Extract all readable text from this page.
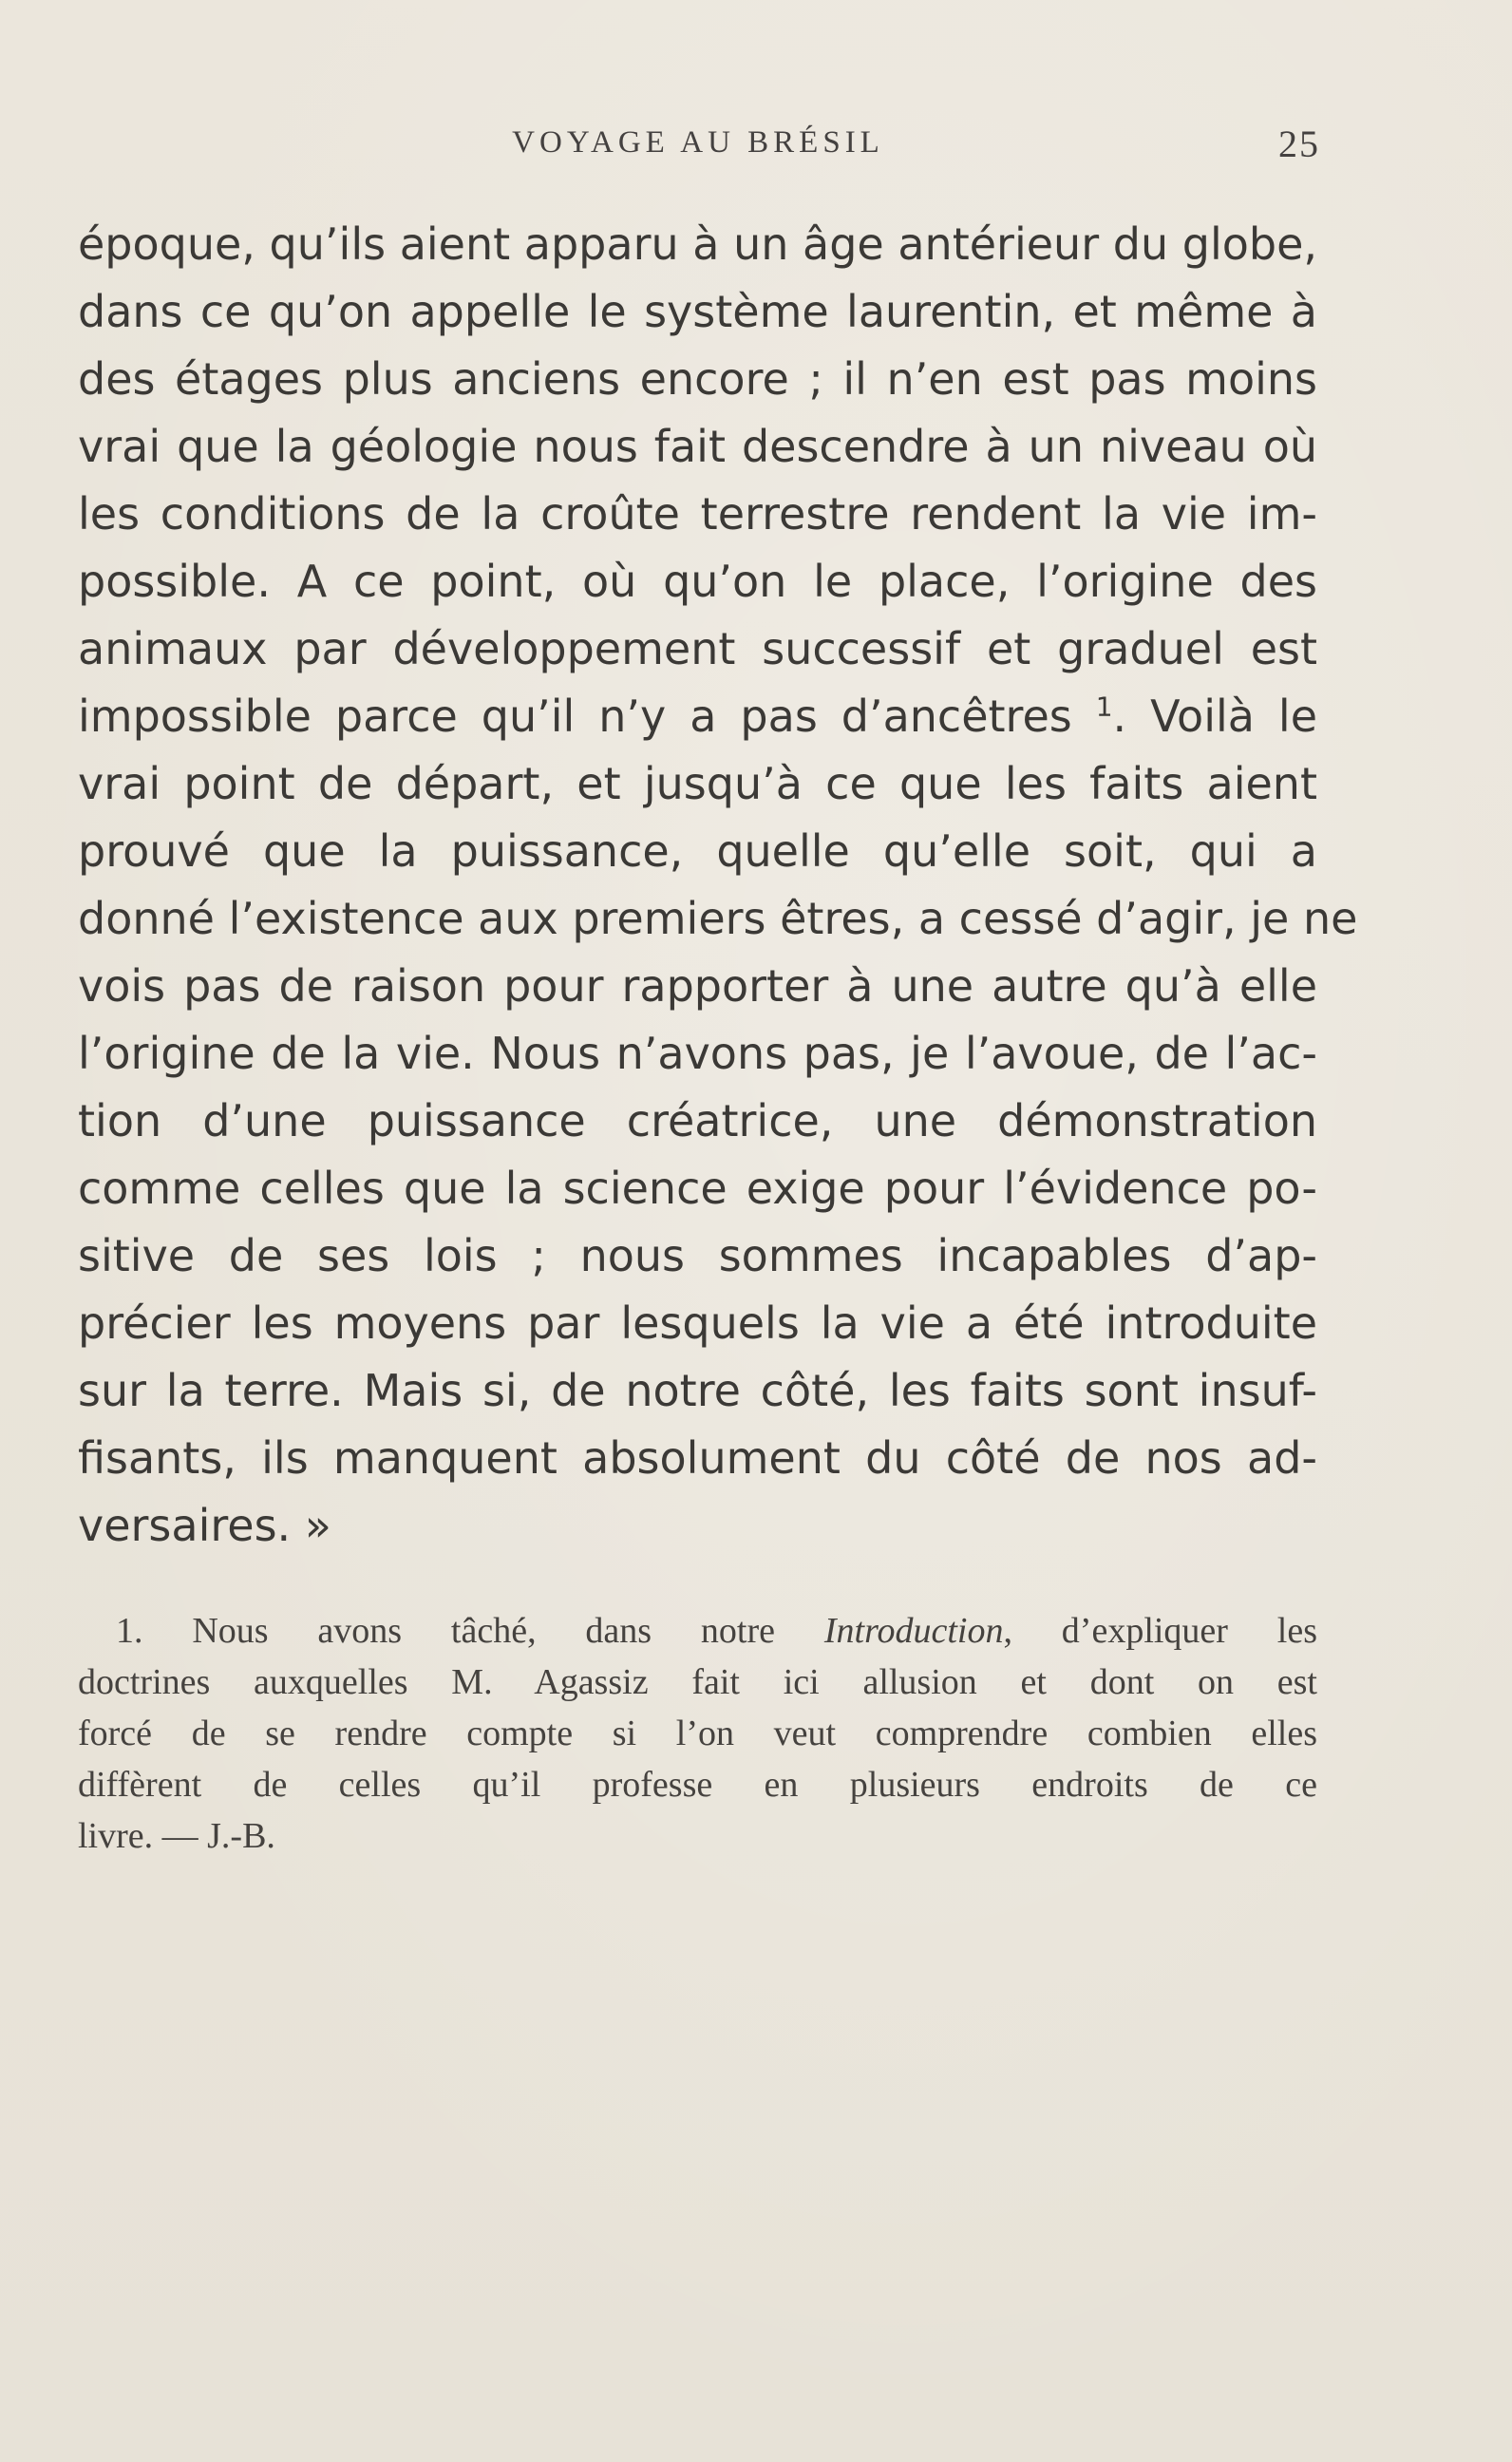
VOYAGE AU BRÉSIL	25
époque, qu’ils aient apparu à un âge antérieur du globe,
dans ce qu’on appelle le système laurentin, et même à
des étages plus anciens encore ; il n’en est pas moins
vrai que la géologie nous fait descendre à un niveau où
les conditions de la croûte terrestre rendent la vie im-
possible. A ce point, où qu’on le place, l’origine des
animaux par développement successif et graduel est
impossible parce qu’il n’y a pas d’ancêtres $^1$. Voilà le
vrai point de départ, et jusqu’à ce que les faits aient
prouvé que la puissance, quelle qu’elle soit, qui a
donné l’existence aux premiers êtres, a cessé d’agir, je ne
vois pas de raison pour rapporter à une autre qu’à elle
l’origine de la vie. Nous n’avons pas, je l’avoue, de l’ac-
tion d’une puissance créatrice, une démonstration
comme celles que la science exige pour l’évidence po-
sitive de ses lois ; nous sommes incapables d’ap-
précier les moyens par lesquels la vie a été introduite
sur la terre. Mais si, de notre côté, les faits sont insuf-
fisants, ils manquent absolument du côté de nos ad-
versaires. »
1. Nous avons tâché, dans notre Introduction, d’expliquer les
doctrines auxquelles M. Agassiz fait ici allusion et dont on est
forcé de se rendre compte si l’on veut comprendre combien elles
diffèrent de celles qu’il professe en plusieurs endroits de ce
livre. — J.-B.
